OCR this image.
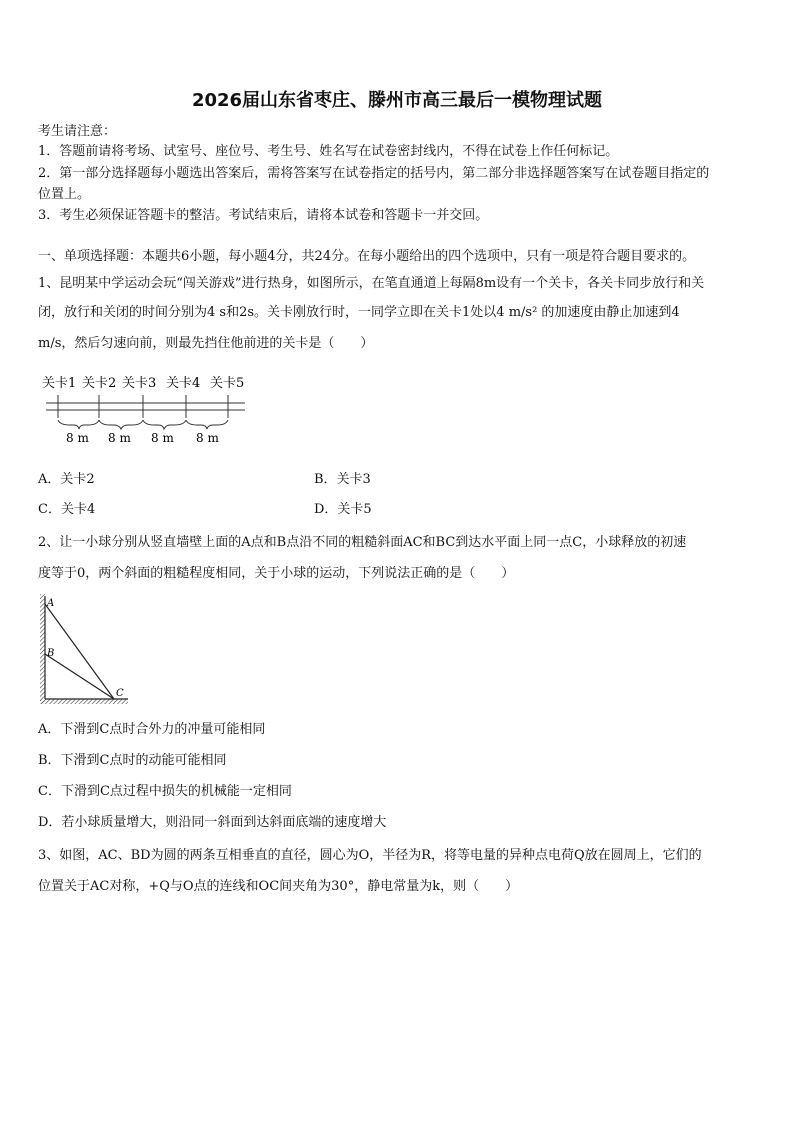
2026届山东省枣庄、滕州市高三最后一模物理试题
考生请注意：
1．答题前请将考场、试室号、座位号、考生号、姓名写在试卷密封线内，不得在试卷上作任何标记。
2．第一部分选择题每小题选出答案后，需将答案写在试卷指定的括号内，第二部分非选择题答案写在试卷题目指定的
位置上。
3．考生必须保证答题卡的整洁。考试结束后，请将本试卷和答题卡一并交回。
一、单项选择题：本题共6小题，每小题4分，共24分。在每小题给出的四个选项中，只有一项是符合题目要求的。
1、昆明某中学运动会玩“闯关游戏”进行热身，如图所示，在笔直通道上每隔8m设有一个关卡，各关卡同步放行和关
闭，放行和关闭的时间分别为4 s和2s。关卡刚放行时，一同学立即在关卡1处以4 m/s² 的加速度由静止加速到4
m/s，然后匀速向前，则最先挡住他前进的关卡是（　　）
关卡1 关卡2 关卡3 关卡4 关卡5
8 m 8 m 8 m 8 m
A．关卡2	B．关卡3
C．关卡4	D．关卡5
2、让一小球分别从竖直墙壁上面的A点和B点沿不同的粗糙斜面AC和BC到达水平面上同一点C，小球释放的初速
度等于0，两个斜面的粗糙程度相同，关于小球的运动，下列说法正确的是（　　）
A
B
C
A．下滑到C点时合外力的冲量可能相同
B．下滑到C点时的动能可能相同
C．下滑到C点过程中损失的机械能一定相同
D．若小球质量增大，则沿同一斜面到达斜面底端的速度增大
3、如图，AC、BD为圆的两条互相垂直的直径，圆心为O，半径为R，将等电量的异种点电荷Q放在圆周上，它们的
位置关于AC对称，+Q与O点的连线和OC间夹角为30°，静电常量为k，则（　　）
